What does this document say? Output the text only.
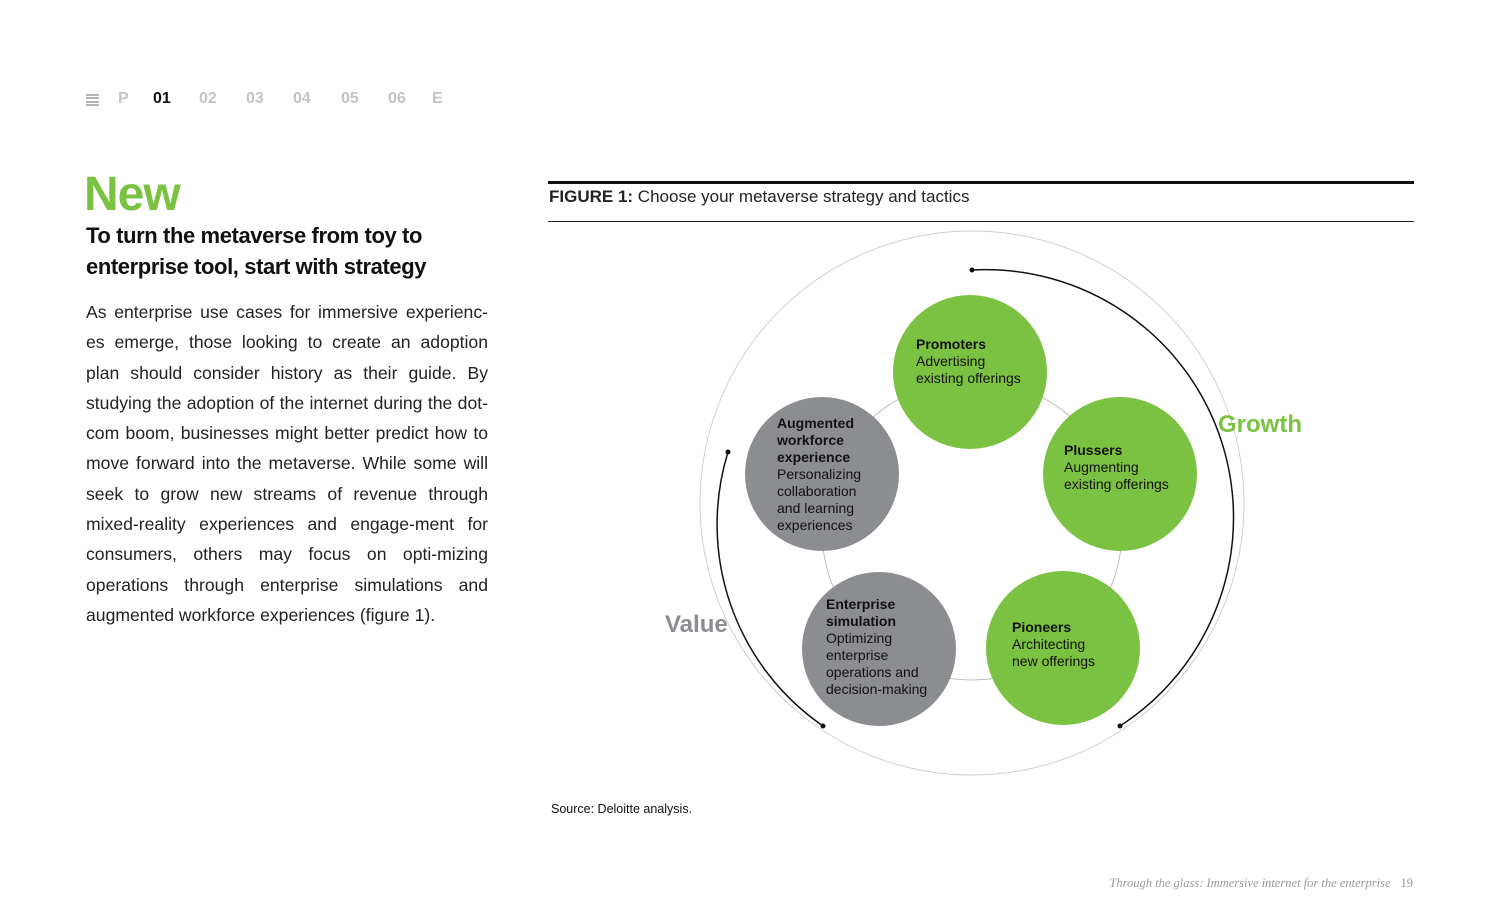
P 01 02 03 04 05 06 E
New
To turn the metaverse from toy to enterprise tool, start with strategy

As enterprise use cases for immersive experienc-es emerge, those looking to create an adoption plan should consider history as their guide. By studying the adoption of the internet during the dot-com boom, businesses might better predict how to move forward into the metaverse. While some will seek to grow new streams of revenue through mixed-reality experiences and engage-ment for consumers, others may focus on opti-mizing operations through enterprise simulations and augmented workforce experiences (figure 1).

FIGURE 1: Choose your metaverse strategy and tactics
Growth
Value
Promoters
Advertising
existing offerings
Plussers
Augmenting
existing offerings
Pioneers
Architecting
new offerings
Enterprise
simulation
Optimizing
enterprise
operations and
decision-making
Augmented
workforce
experience
Personalizing
collaboration
and learning
experiences
Source: Deloitte analysis.
Through the glass: Immersive internet for the enterprise 19
